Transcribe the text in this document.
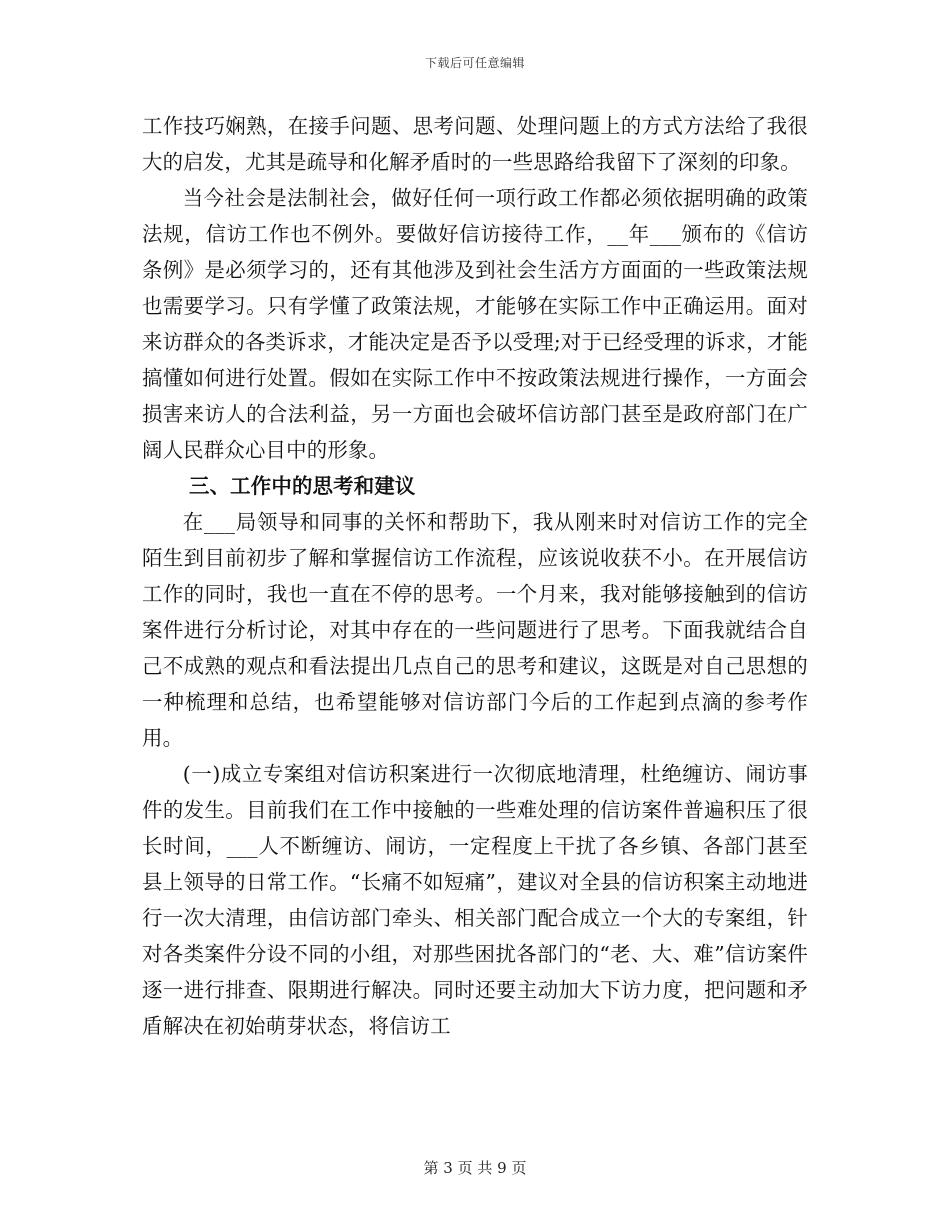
下载后可任意编辑

工作技巧娴熟，在接手问题、思考问题、处理问题上的方式方法给了我很大的启发，尤其是疏导和化解矛盾时的一些思路给我留下了深刻的印象。

当今社会是法制社会，做好任何一项行政工作都必须依据明确的政策法规，信访工作也不例外。要做好信访接待工作，__年___颁布的《信访条例》是必须学习的，还有其他涉及到社会生活方方面面的一些政策法规也需要学习。只有学懂了政策法规，才能够在实际工作中正确运用。面对来访群众的各类诉求，才能决定是否予以受理;对于已经受理的诉求，才能搞懂如何进行处置。假如在实际工作中不按政策法规进行操作，一方面会损害来访人的合法利益，另一方面也会破坏信访部门甚至是政府部门在广阔人民群众心目中的形象。

三、工作中的思考和建议

在___局领导和同事的关怀和帮助下，我从刚来时对信访工作的完全陌生到目前初步了解和掌握信访工作流程，应该说收获不小。在开展信访工作的同时，我也一直在不停的思考。一个月来，我对能够接触到的信访案件进行分析讨论，对其中存在的一些问题进行了思考。下面我就结合自己不成熟的观点和看法提出几点自己的思考和建议，这既是对自己思想的一种梳理和总结，也希望能够对信访部门今后的工作起到点滴的参考作用。

(一)成立专案组对信访积案进行一次彻底地清理，杜绝缠访、闹访事件的发生。目前我们在工作中接触的一些难处理的信访案件普遍积压了很长时间，___人不断缠访、闹访，一定程度上干扰了各乡镇、各部门甚至县上领导的日常工作。“长痛不如短痛”，建议对全县的信访积案主动地进行一次大清理，由信访部门牵头、相关部门配合成立一个大的专案组，针对各类案件分设不同的小组，对那些困扰各部门的“老、大、难”信访案件逐一进行排查、限期进行解决。同时还要主动加大下访力度，把问题和矛盾解决在初始萌芽状态，将信访工

第 3 页 共 9 页
